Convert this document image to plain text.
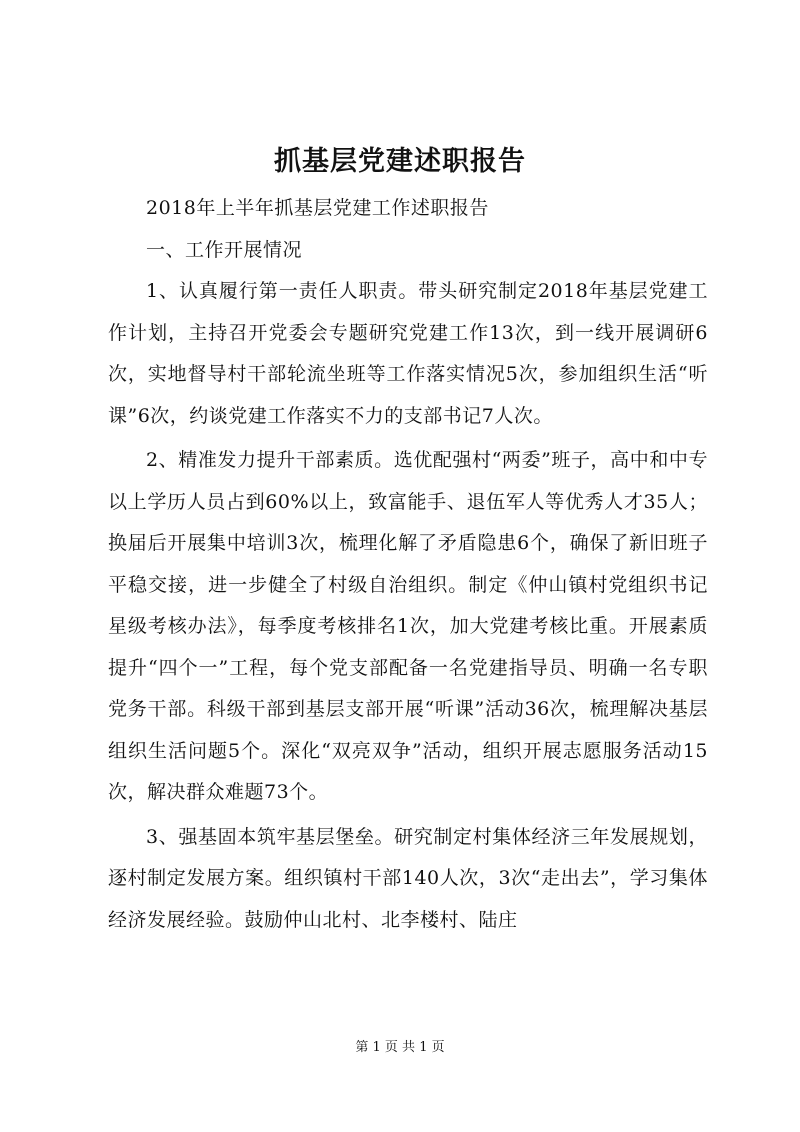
抓基层党建述职报告

2018年上半年抓基层党建工作述职报告

一、工作开展情况

1、认真履行第一责任人职责。带头研究制定2018年基层党建工作计划，主持召开党委会专题研究党建工作13次，到一线开展调研6次，实地督导村干部轮流坐班等工作落实情况5次，参加组织生活“听课”6次，约谈党建工作落实不力的支部书记7人次。

2、精准发力提升干部素质。选优配强村“两委”班子，高中和中专以上学历人员占到60%以上，致富能手、退伍军人等优秀人才35人；换届后开展集中培训3次，梳理化解了矛盾隐患6个，确保了新旧班子平稳交接，进一步健全了村级自治组织。制定《仲山镇村党组织书记星级考核办法》，每季度考核排名1次，加大党建考核比重。开展素质提升“四个一”工程，每个党支部配备一名党建指导员、明确一名专职党务干部。科级干部到基层支部开展“听课”活动36次，梳理解决基层组织生活问题5个。深化“双亮双争”活动，组织开展志愿服务活动15次，解决群众难题73个。

3、强基固本筑牢基层堡垒。研究制定村集体经济三年发展规划，逐村制定发展方案。组织镇村干部140人次，3次“走出去”，学习集体经济发展经验。鼓励仲山北村、北李楼村、陆庄

第 1 页 共 1 页
